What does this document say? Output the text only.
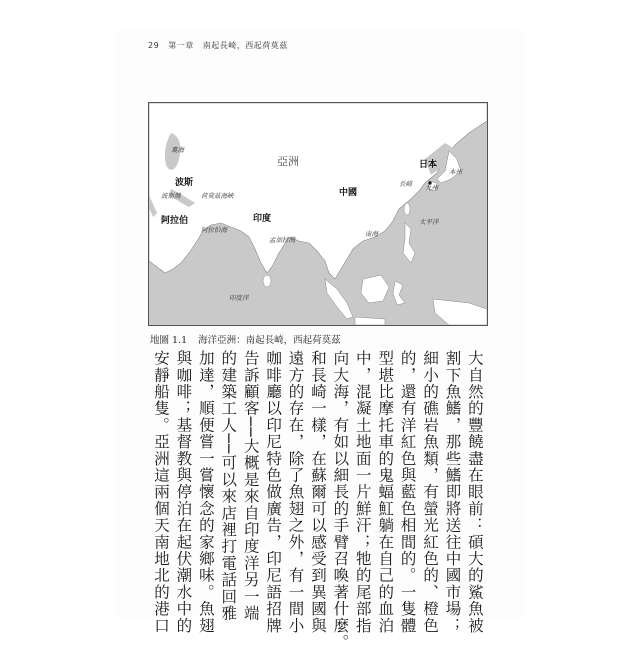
29 第一章 南起長崎，西起荷莫茲
亞洲
裏海
波斯
波斯灣	荷莫茲海峽
阿拉伯
阿拉伯海
印度
孟加拉灣
印度洋
中國
南海
日本
本州
長崎 九州
太平洋
地圖 1.1 海洋亞洲：南起長崎，西起荷莫茲
大自然的豐饒盡在眼前：碩大的鯊魚被
割下魚鰭，那些鰭即將送往中國市場；
細小的礁岩魚類，有螢光紅色的、橙色
的，還有洋紅色與藍色相間的。一隻體
型堪比摩托車的鬼蝠魟躺在自己的血泊
中，混凝土地面一片鮮汗；牠的尾部指
向大海，有如以細長的手臂召喚著什麼。
和長崎一樣，在蘇爾可以感受到異國與
遠方的存在，除了魚翅之外，有一間小
咖啡廳以印尼特色做廣告，印尼語招牌
告訴顧客──大概是來自印度洋另一端
的建築工人──可以來店裡打電話回雅
加達，順便嘗一嘗懷念的家鄉味。魚翅
與咖啡；基督教與停泊在起伏潮水中的
安靜船隻。亞洲這兩個天南地北的港口
